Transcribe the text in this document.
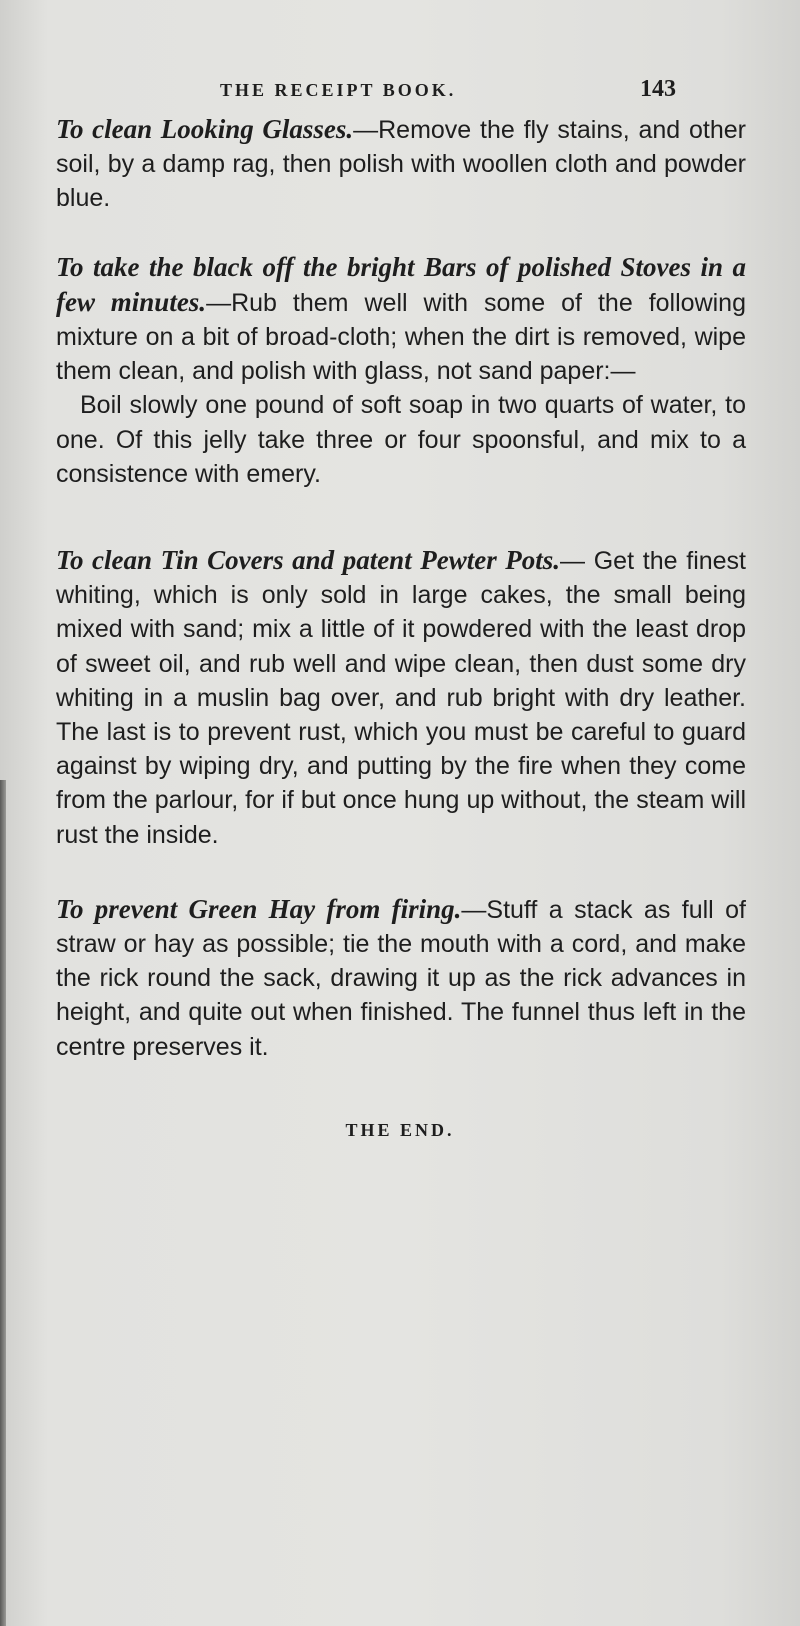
THE RECEIPT BOOK.	143

To clean Looking Glasses.—Remove the fly stains, and other soil, by a damp rag, then polish with woollen cloth and powder blue.

To take the black off the bright Bars of polished Stoves in a few minutes.—Rub them well with some of the following mixture on a bit of broad-cloth; when the dirt is removed, wipe them clean, and polish with glass, not sand paper:—

Boil slowly one pound of soft soap in two quarts of water, to one. Of this jelly take three or four spoonsful, and mix to a consistence with emery.

To clean Tin Covers and patent Pewter Pots.— Get the finest whiting, which is only sold in large cakes, the small being mixed with sand; mix a little of it powdered with the least drop of sweet oil, and rub well and wipe clean, then dust some dry whiting in a muslin bag over, and rub bright with dry leather. The last is to prevent rust, which you must be careful to guard against by wiping dry, and putting by the fire when they come from the parlour, for if but once hung up without, the steam will rust the inside.

To prevent Green Hay from firing.—Stuff a stack as full of straw or hay as possible; tie the mouth with a cord, and make the rick round the sack, drawing it up as the rick advances in height, and quite out when finished. The funnel thus left in the centre preserves it.

THE END.
